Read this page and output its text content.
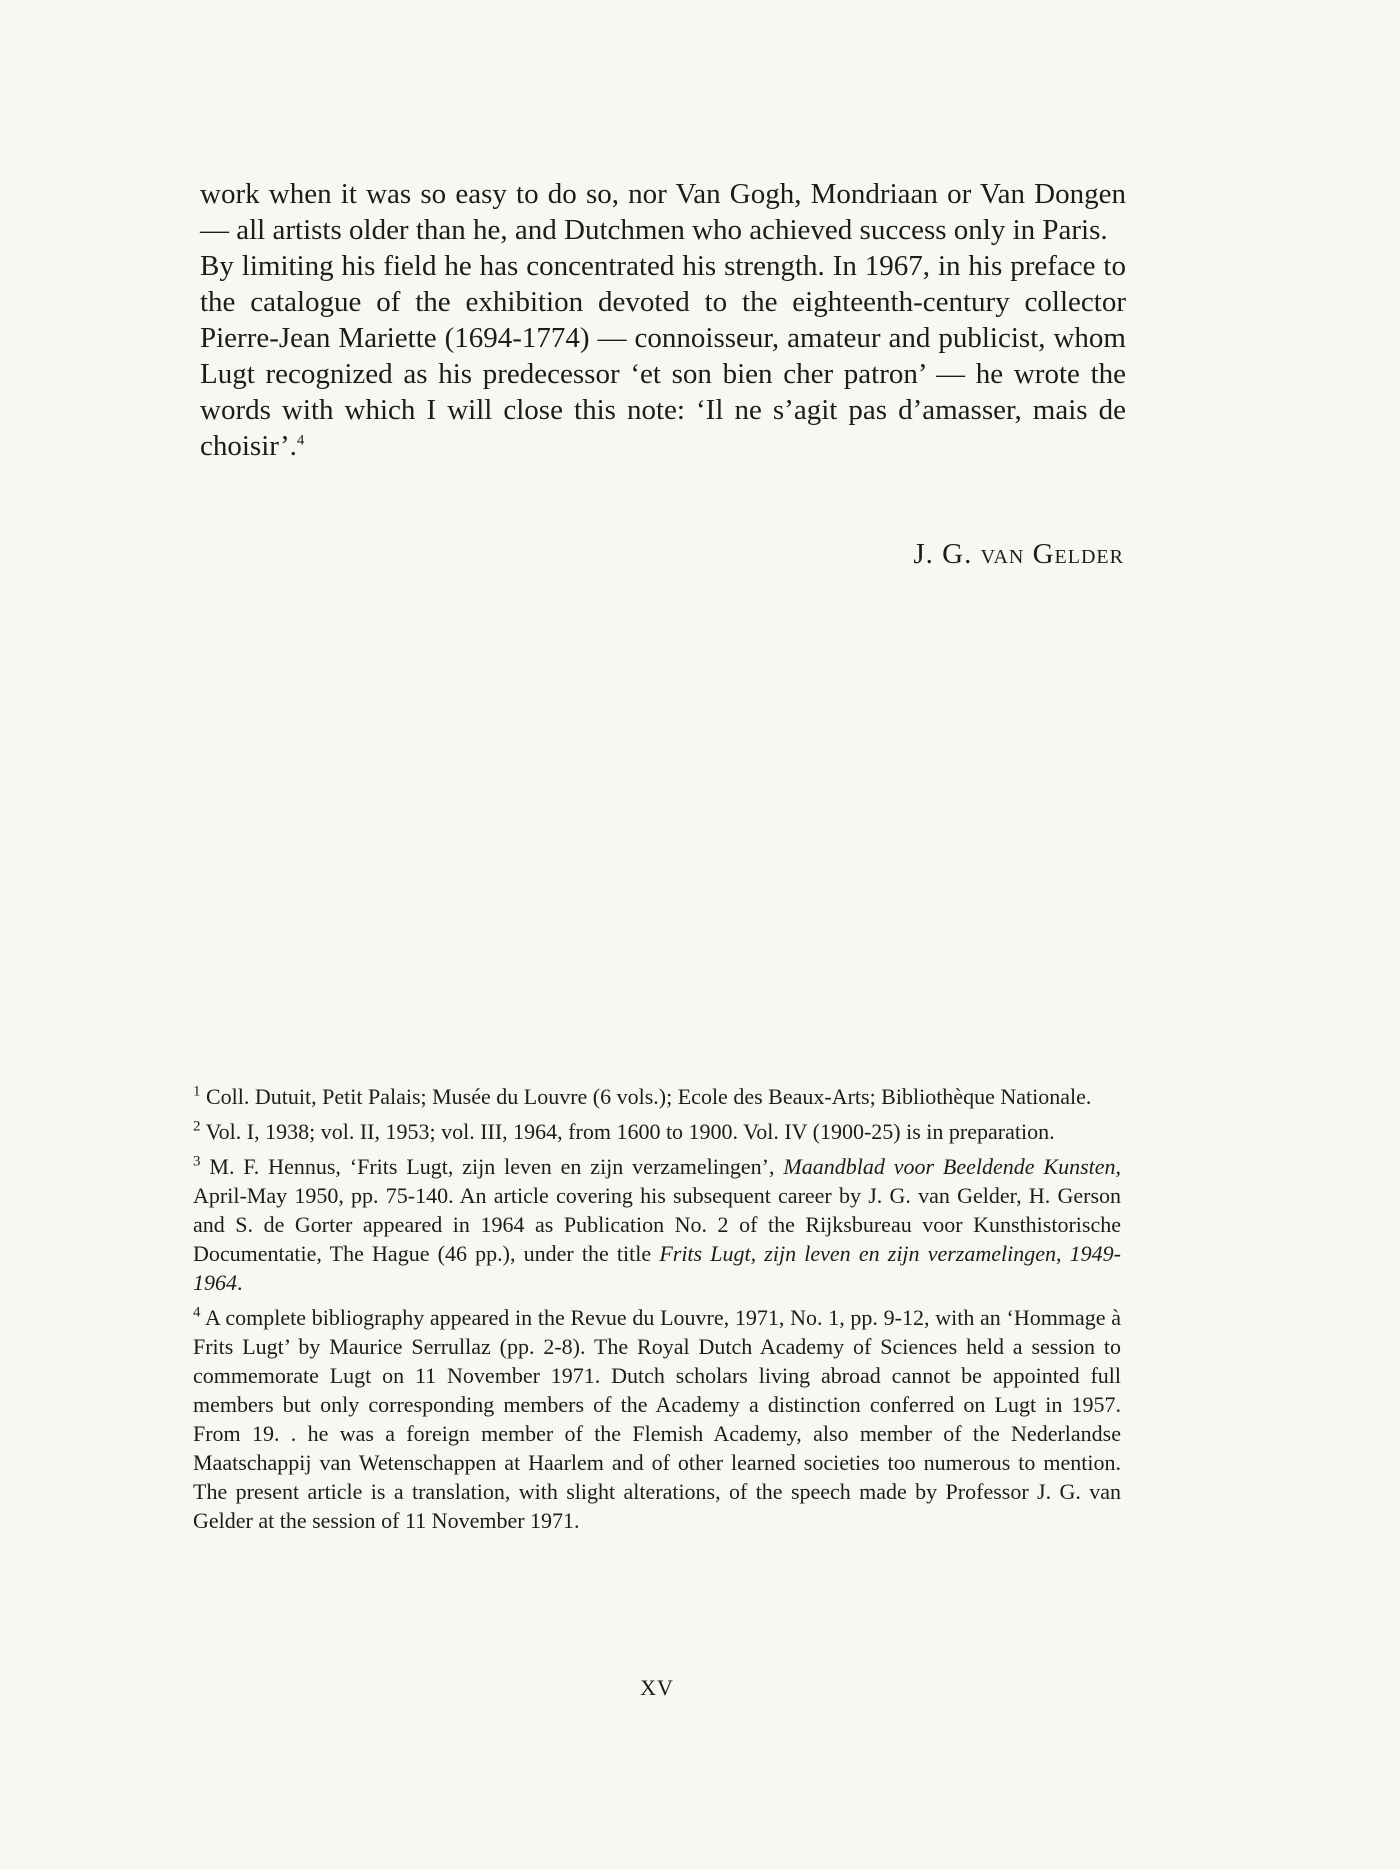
work when it was so easy to do so, nor Van Gogh, Mondriaan or Van Dongen — all artists older than he, and Dutchmen who achieved success only in Paris.

By limiting his field he has concentrated his strength. In 1967, in his preface to the catalogue of the exhibition devoted to the eighteenth-century collector Pierre-Jean Mariette (1694-1774) — connoisseur, amateur and publicist, whom Lugt recognized as his predecessor ‘et son bien cher patron’ — he wrote the words with which I will close this note: ‘Il ne s’agit pas d’amasser, mais de choisir’.$^4$

J. G. van Gelder

$^1$ Coll. Dutuit, Petit Palais; Musée du Louvre (6 vols.); Ecole des Beaux-Arts; Bibliothèque Nationale.

$^2$ Vol. I, 1938; vol. II, 1953; vol. III, 1964, from 1600 to 1900. Vol. IV (1900-25) is in preparation.

$^3$ M. F. Hennus, ‘Frits Lugt, zijn leven en zijn verzamelingen’, Maandblad voor Beeldende Kunsten, April-May 1950, pp. 75-140. An article covering his subsequent career by J. G. van Gelder, H. Gerson and S. de Gorter appeared in 1964 as Publication No. 2 of the Rijksbureau voor Kunsthistorische Documentatie, The Hague (46 pp.), under the title Frits Lugt, zijn leven en zijn verzamelingen, 1949-1964.

$^4$ A complete bibliography appeared in the Revue du Louvre, 1971, No. 1, pp. 9-12, with an ‘Hommage à Frits Lugt’ by Maurice Serrullaz (pp. 2-8). The Royal Dutch Academy of Sciences held a session to commemorate Lugt on 11 November 1971. Dutch scholars living abroad cannot be appointed full members but only corresponding members of the Academy a distinction conferred on Lugt in 1957. From 19. . he was a foreign member of the Flemish Academy, also member of the Nederlandse Maatschappij van Wetenschappen at Haarlem and of other learned societies too numerous to mention. The present article is a translation, with slight alterations, of the speech made by Professor J. G. van Gelder at the session of 11 November 1971.

XV
